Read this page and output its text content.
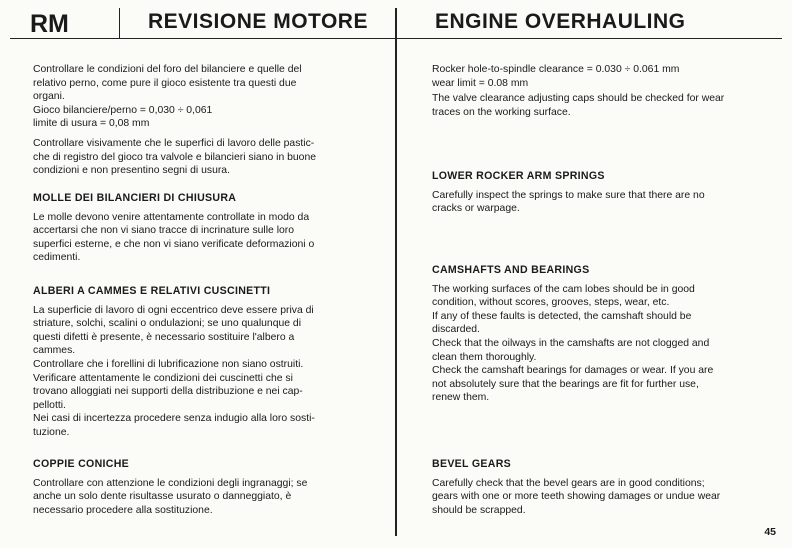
RM	REVISIONE MOTORE	ENGINE OVERHAULING

Controllare le condizioni del foro del bilanciere e quelle del

relativo perno, come pure il gioco esistente tra questi due

organi.

Gioco bilanciere/perno = 0,030 ÷ 0,061

limite di usura = 0,08 mm

Controllare visivamente che le superfici di lavoro delle pastic-

che di registro del gioco tra valvole e bilancieri siano in buone

condizioni e non presentino segni di usura.

MOLLE DEI BILANCIERI DI CHIUSURA

Le molle devono venire attentamente controllate in modo da

accertarsi che non vi siano tracce di incrinature sulle loro

superfici esterne, e che non vi siano verificate deformazioni o

cedimenti.

ALBERI A CAMMES E RELATIVI CUSCINETTI

La superficie di lavoro di ogni eccentrico deve essere priva di

striature, solchi, scalini o ondulazioni; se uno qualunque di

questi difetti è presente, è necessario sostituire l'albero a

cammes.

Controllare che i forellini di lubrificazione non siano ostruiti.

Verificare attentamente le condizioni dei cuscinetti che si

trovano alloggiati nei supporti della distribuzione e nei cap-

pellotti.

Nei casi di incertezza procedere senza indugio alla loro sosti-

tuzione.

COPPIE CONICHE

Controllare con attenzione le condizioni degli ingranaggi; se

anche un solo dente risultasse usurato o danneggiato, è

necessario procedere alla sostituzione.

Rocker hole-to-spindle clearance = 0.030 ÷ 0.061 mm

wear limit = 0.08 mm

The valve clearance adjusting caps should be checked for wear

traces on the working surface.

LOWER ROCKER ARM SPRINGS

Carefully inspect the springs to make sure that there are no

cracks or warpage.

CAMSHAFTS AND BEARINGS

The working surfaces of the cam lobes should be in good

condition, without scores, grooves, steps, wear, etc.

If any of these faults is detected, the camshaft should be

discarded.

Check that the oilways in the camshafts are not clogged and

clean them thoroughly.

Check the camshaft bearings for damages or wear. If you are

not absolutely sure that the bearings are fit for further use,

renew them.

BEVEL GEARS

Carefully check that the bevel gears are in good conditions;

gears with one or more teeth showing damages or undue wear

should be scrapped.

45
